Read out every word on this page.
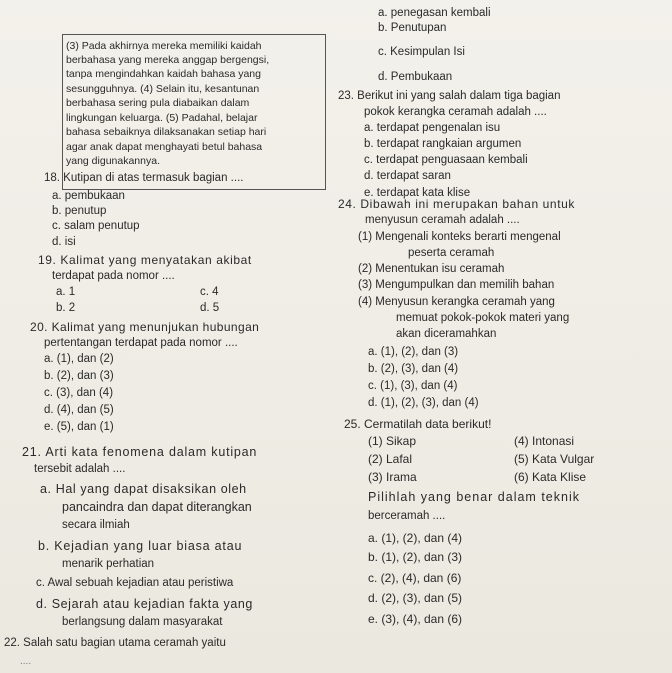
(3) Pada akhirnya mereka memiliki kaidah
berbahasa yang mereka anggap bergengsi,
tanpa mengindahkan kaidah bahasa yang
sesungguhnya. (4) Selain itu, kesantunan
berbahasa sering pula diabaikan dalam
lingkungan keluarga. (5) Padahal, belajar
bahasa sebaiknya dilaksanakan setiap hari
agar anak dapat menghayati betul bahasa
yang digunakannya.
18. Kutipan di atas termasuk bagian ....
a. pembukaan
b. penutup
c. salam penutup
d. isi
19. Kalimat yang menyatakan akibat
terdapat pada nomor ....
a. 1	c. 4
b. 2	d. 5
20. Kalimat yang menunjukan hubungan
pertentangan terdapat pada nomor ....
a. (1), dan (2)
b. (2), dan (3)
c. (3), dan (4)
d. (4), dan (5)
e. (5), dan (1)
21. Arti kata fenomena dalam kutipan
tersebit adalah ....
a. Hal yang dapat disaksikan oleh
pancaindra dan dapat diterangkan
secara ilmiah
b. Kejadian yang luar biasa atau
menarik perhatian
c. Awal sebuah kejadian atau peristiwa
d. Sejarah atau kejadian fakta yang
berlangsung dalam masyarakat
22. Salah satu bagian utama ceramah yaitu
....
a. penegasan kembali
b. Penutupan
c. Kesimpulan Isi
d. Pembukaan
23. Berikut ini yang salah dalam tiga bagian
pokok kerangka ceramah adalah ....
a. terdapat pengenalan isu
b. terdapat rangkaian argumen
c. terdapat penguasaan kembali
d. terdapat saran
e. terdapat kata klise
24. Dibawah ini merupakan bahan untuk
menyusun ceramah adalah ....
(1) Mengenali konteks berarti mengenal
peserta ceramah
(2) Menentukan isu ceramah
(3) Mengumpulkan dan memilih bahan
(4) Menyusun kerangka ceramah yang
memuat pokok-pokok materi yang
akan diceramahkan
a. (1), (2), dan (3)
b. (2), (3), dan (4)
c. (1), (3), dan (4)
d. (1), (2), (3), dan (4)
25. Cermatilah data berikut!
(1) Sikap	(4) Intonasi
(2) Lafal	(5) Kata Vulgar
(3) Irama	(6) Kata Klise
Pilihlah yang benar dalam teknik
berceramah ....
a. (1), (2), dan (4)
b. (1), (2), dan (3)
c. (2), (4), dan (6)
d. (2), (3), dan (5)
e. (3), (4), dan (6)
